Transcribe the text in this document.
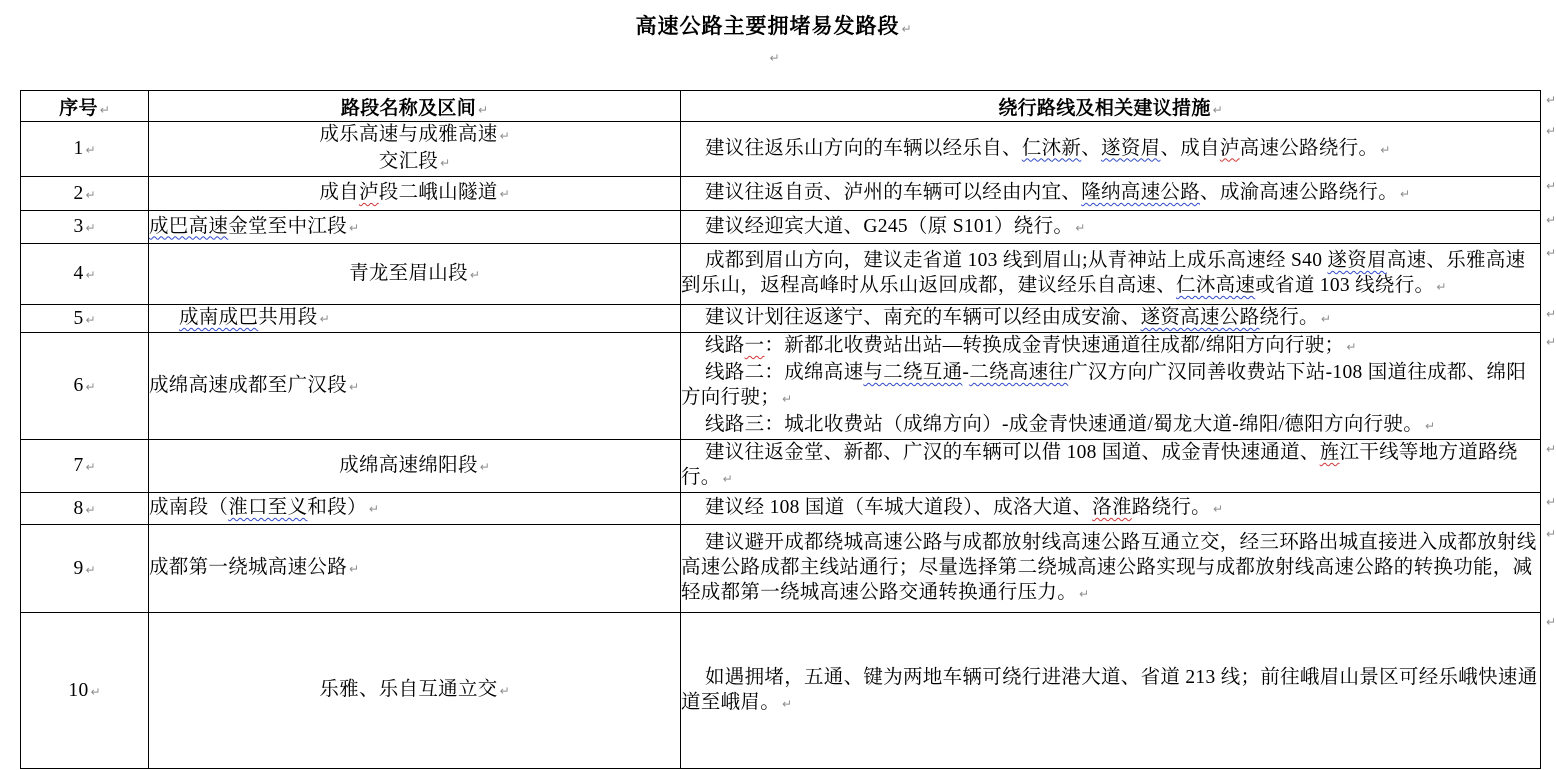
高速公路主要拥堵易发路段 ↵
↵
序号 ↵	路段名称及区间 ↵	绕行路线及相关建议措施 ↵
1 ↵	成乐高速与成雅高速 ↵
交汇段 ↵	建议往返乐山方向的车辆以经乐自、仁沐新、遂资眉、成自泸高速公路绕行。 ↵

2 ↵	成自泸段二峨山隧道 ↵	建议往返自贡、泸州的车辆可以经由内宜、隆纳高速公路、成渝高速公路绕行。 ↵

3 ↵	成巴高速金堂至中江段 ↵	建议经迎宾大道、G245（原 S101）绕行。 ↵

4 ↵	青龙至眉山段 ↵	成都到眉山方向，建议走省道 103 线到眉山;从青神站上成乐高速经 S40 遂资眉高速、乐雅高速到乐山，返程高峰时从乐山返回成都，建议经乐自高速、仁沐高速或省道 103 线绕行。 ↵

5 ↵	成南成巴共用段 ↵	建议计划往返遂宁、南充的车辆可以经由成安渝、遂资高速公路绕行。 ↵

6 ↵	成绵高速成都至广汉段 ↵	线路一：新都北收费站出站—转换成金青快速通道往成都/绵阳方向行驶； ↵
线路二：成绵高速与二绕互通-二绕高速往广汉方向广汉同善收费站下站-108 国道往成都、绵阳方向行驶； ↵
线路三：城北收费站（成绵方向）-成金青快速通道/蜀龙大道-绵阳/德阳方向行驶。 ↵

7 ↵	成绵高速绵阳段 ↵	建议往返金堂、新都、广汉的车辆可以借 108 国道、成金青快速通道、旌江干线等地方道路绕行。 ↵

8 ↵	成南段（淮口至义和段） ↵	建议经 108 国道（车城大道段）、成洛大道、洛淮路绕行。 ↵

9 ↵	成都第一绕城高速公路 ↵	建议避开成都绕城高速公路与成都放射线高速公路互通立交，经三环路出城直接进入成都放射线高速公路成都主线站通行；尽量选择第二绕城高速公路实现与成都放射线高速公路的转换功能，减轻成都第一绕城高速公路交通转换通行压力。 ↵

10 ↵	乐雅、乐自互通立交 ↵	如遇拥堵，五通、键为两地车辆可绕行进港大道、省道 213 线；前往峨眉山景区可经乐峨快速通道至峨眉。 ↵
↵
↵
↵
↵
↵
↵
↵
↵
↵
↵
↵
